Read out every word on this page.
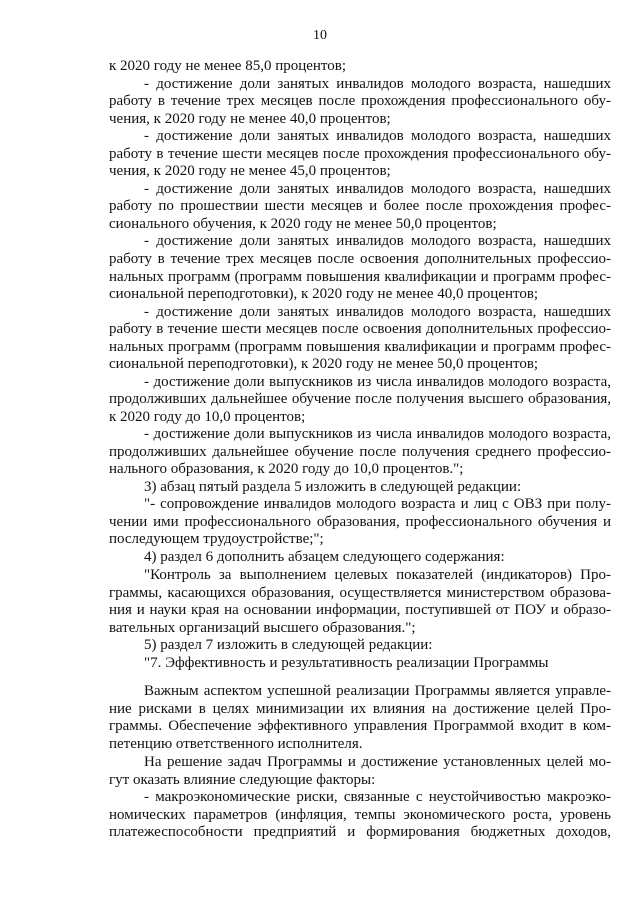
10
к 2020 году не менее 85,0 процентов;
- достижение доли занятых инвалидов молодого возраста, нашедших
работу в течение трех месяцев после прохождения профессионального обу-
чения, к 2020 году не менее 40,0 процентов;
- достижение доли занятых инвалидов молодого возраста, нашедших
работу в течение шести месяцев после прохождения профессионального обу-
чения, к 2020 году не менее 45,0 процентов;
- достижение доли занятых инвалидов молодого возраста, нашедших
работу по прошествии шести месяцев и более после прохождения профес-
сионального обучения, к 2020 году не менее 50,0 процентов;
- достижение доли занятых инвалидов молодого возраста, нашедших
работу в течение трех месяцев после освоения дополнительных профессио-
нальных программ (программ повышения квалификации и программ профес-
сиональной переподготовки), к 2020 году не менее 40,0 процентов;
- достижение доли занятых инвалидов молодого возраста, нашедших
работу в течение шести месяцев после освоения дополнительных профессио-
нальных программ (программ повышения квалификации и программ профес-
сиональной переподготовки), к 2020 году не менее 50,0 процентов;
- достижение доли выпускников из числа инвалидов молодого возраста,
продолживших дальнейшее обучение после получения высшего образования,
к 2020 году до 10,0 процентов;
- достижение доли выпускников из числа инвалидов молодого возраста,
продолживших дальнейшее обучение после получения среднего профессио-
нального образования, к 2020 году до 10,0 процентов.";
3) абзац пятый раздела 5 изложить в следующей редакции:
"- сопровождение инвалидов молодого возраста и лиц с ОВЗ при полу-
чении ими профессионального образования, профессионального обучения и
последующем трудоустройстве;";
4) раздел 6 дополнить абзацем следующего содержания:
"Контроль за выполнением целевых показателей (индикаторов) Про-
граммы, касающихся образования, осуществляется министерством образова-
ния и науки края на основании информации, поступившей от ПОУ и образо-
вательных организаций высшего образования.";
5) раздел 7 изложить в следующей редакции:
"7. Эффективность и результативность реализации Программы
Важным аспектом успешной реализации Программы является управле-
ние рисками в целях минимизации их влияния на достижение целей Про-
граммы. Обеспечение эффективного управления Программой входит в ком-
петенцию ответственного исполнителя.
На решение задач Программы и достижение установленных целей мо-
гут оказать влияние следующие факторы:
- макроэкономические риски, связанные с неустойчивостью макроэко-
номических параметров (инфляция, темпы экономического роста, уровень
платежеспособности предприятий и формирования бюджетных доходов,
